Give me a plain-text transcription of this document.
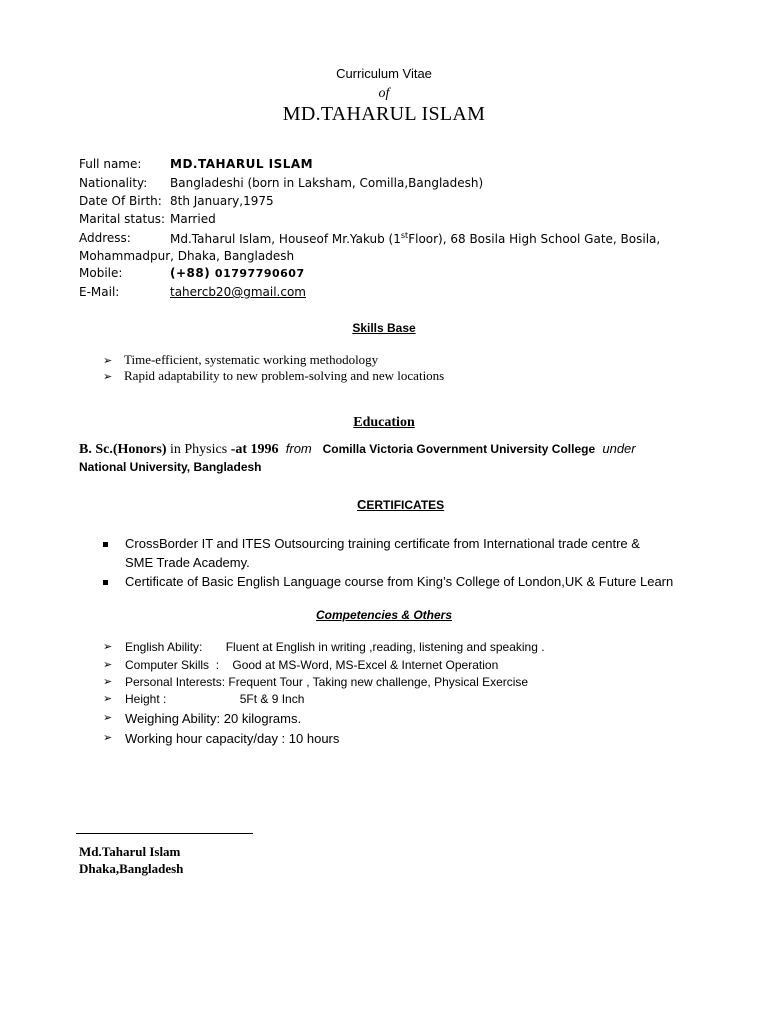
Curriculum Vitae
of
MD.TAHARUL ISLAM
Full name: MD.TAHARUL ISLAM
Nationality: Bangladeshi (born in Laksham, Comilla,Bangladesh)
Date Of Birth: 8th January,1975
Marital status: Married
Address:	Md.Taharul Islam, Houseof Mr.Yakub (1stFloor), 68 Bosila High School Gate, Bosila,
Mohammadpur, Dhaka, Bangladesh
Mobile:	(+88) 01797790607
E-Mail:	tahercb20@gmail.com
Skills Base
➢ Time-efficient, systematic working methodology
➢ Rapid adaptability to new problem-solving and new locations
Education
B. Sc.(Honors) in Physics -at 1996 from Comilla Victoria Government University College under
National University, Bangladesh
CERTIFICATES
CrossBorder IT and ITES Outsourcing training certificate from International trade centre &
SME Trade Academy.
Certificate of Basic English Language course from King’s College of London,UK & Future Learn
Competencies & Others
➢ English Ability:       Fluent at English in writing ,reading, listening and speaking .
➢ Computer Skills  :    Good at MS-Word, MS-Excel & Internet Operation
➢ Personal Interests: Frequent Tour , Taking new challenge, Physical Exercise
➢ Height :                      5Ft & 9 Inch
➢ Weighing Ability: 20 kilograms.
➢ Working hour capacity/day : 10 hours
Md.Taharul Islam
Dhaka,Bangladesh
